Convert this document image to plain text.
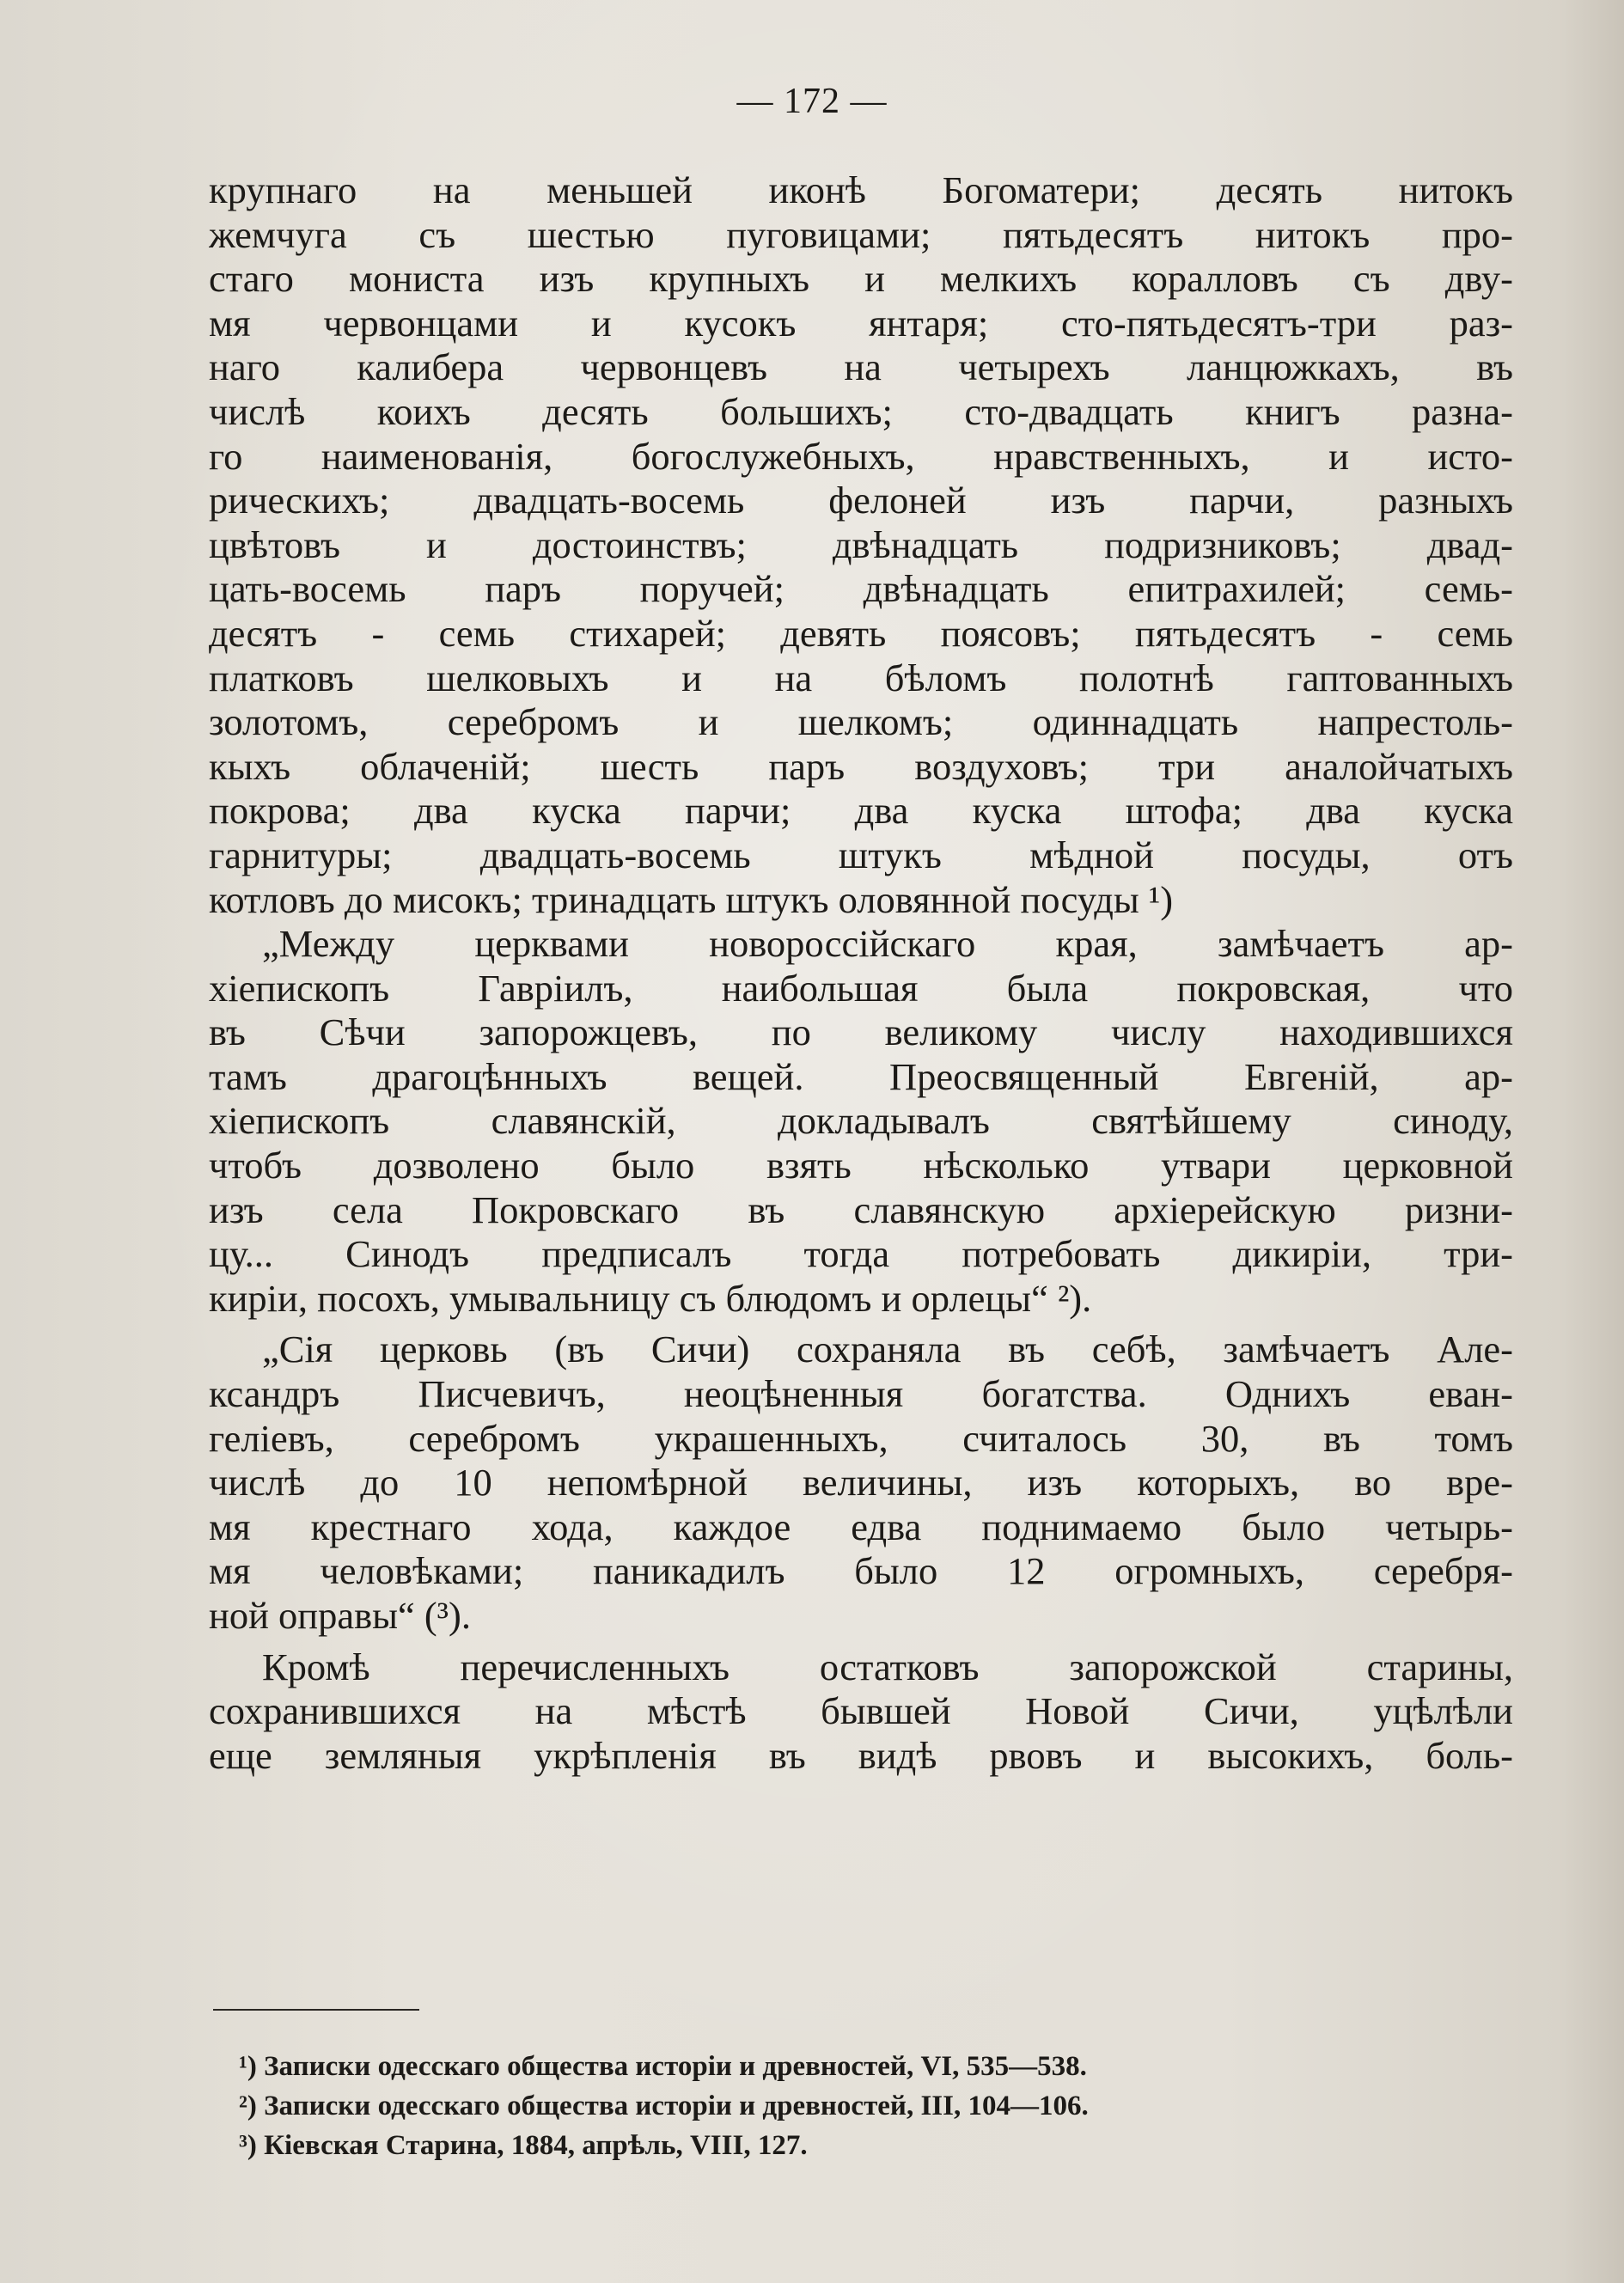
— 172 —
крупнаго на меньшей иконѣ Богоматери; десять нитокъ
жемчуга съ шестью пуговицами; пятьдесятъ нитокъ про-
стаго мониста изъ крупныхъ и мелкихъ коралловъ съ дву-
мя червонцами и кусокъ янтаря; сто-пятьдесятъ-три раз-
наго калибера червонцевъ на четырехъ ланцюжкахъ, въ
числѣ коихъ десять большихъ; сто-двадцать книгъ разна-
го наименованія, богослужебныхъ, нравственныхъ, и исто-
рическихъ; двадцать-восемь фелоней изъ парчи, разныхъ
цвѣтовъ и достоинствъ; двѣнадцать подризниковъ; двад-
цать-восемь паръ поручей; двѣнадцать епитрахилей; семь-
десятъ - семь стихарей; девять поясовъ; пятьдесятъ - семь
платковъ шелковыхъ и на бѣломъ полотнѣ гаптованныхъ
золотомъ, серебромъ и шелкомъ; одиннадцать напрестоль-
кыхъ облаченій; шесть паръ воздуховъ; три аналойчатыхъ
покрова; два куска парчи; два куска штофа; два куска
гарнитуры; двадцать-восемь штукъ мѣдной посуды, отъ
котловъ до мисокъ; тринадцать штукъ оловянной посуды ¹)
„Между церквами новороссійскаго края, замѣчаетъ ар-
хіепископъ Гавріилъ, наибольшая была покровская, что
въ Сѣчи запорожцевъ, по великому числу находившихся
тамъ драгоцѣнныхъ вещей. Преосвященный Евгеній, ар-
хіепископъ славянскій, докладывалъ святѣйшему синоду,
чтобъ дозволено было взять нѣсколько утвари церковной
изъ села Покровскаго въ славянскую архіерейскую ризни-
цу... Синодъ предписалъ тогда потребовать дикиріи, три-
киріи, посохъ, умывальницу съ блюдомъ и орлецы“ ²).
„Сія церковь (въ Сичи) сохраняла въ себѣ, замѣчаетъ Але-
ксандръ Писчевичъ, неоцѣненныя богатства. Однихъ еван-
геліевъ, серебромъ украшенныхъ, считалось 30, въ томъ
числѣ до 10 непомѣрной величины, изъ которыхъ, во вре-
мя крестнаго хода, каждое едва поднимаемо было четырь-
мя человѣками; паникадилъ было 12 огромныхъ, серебря-
ной оправы“ (³).
Кромѣ перечисленныхъ остатковъ запорожской старины,
сохранившихся на мѣстѣ бывшей Новой Сичи, уцѣлѣли
еще земляныя укрѣпленія въ видѣ рвовъ и высокихъ, боль-
¹) Записки одесскаго общества исторіи и древностей, VI, 535—538.
²) Записки одесскаго общества исторіи и древностей, III, 104—106.
³) Кіевская Старина, 1884, апрѣль, VIII, 127.
